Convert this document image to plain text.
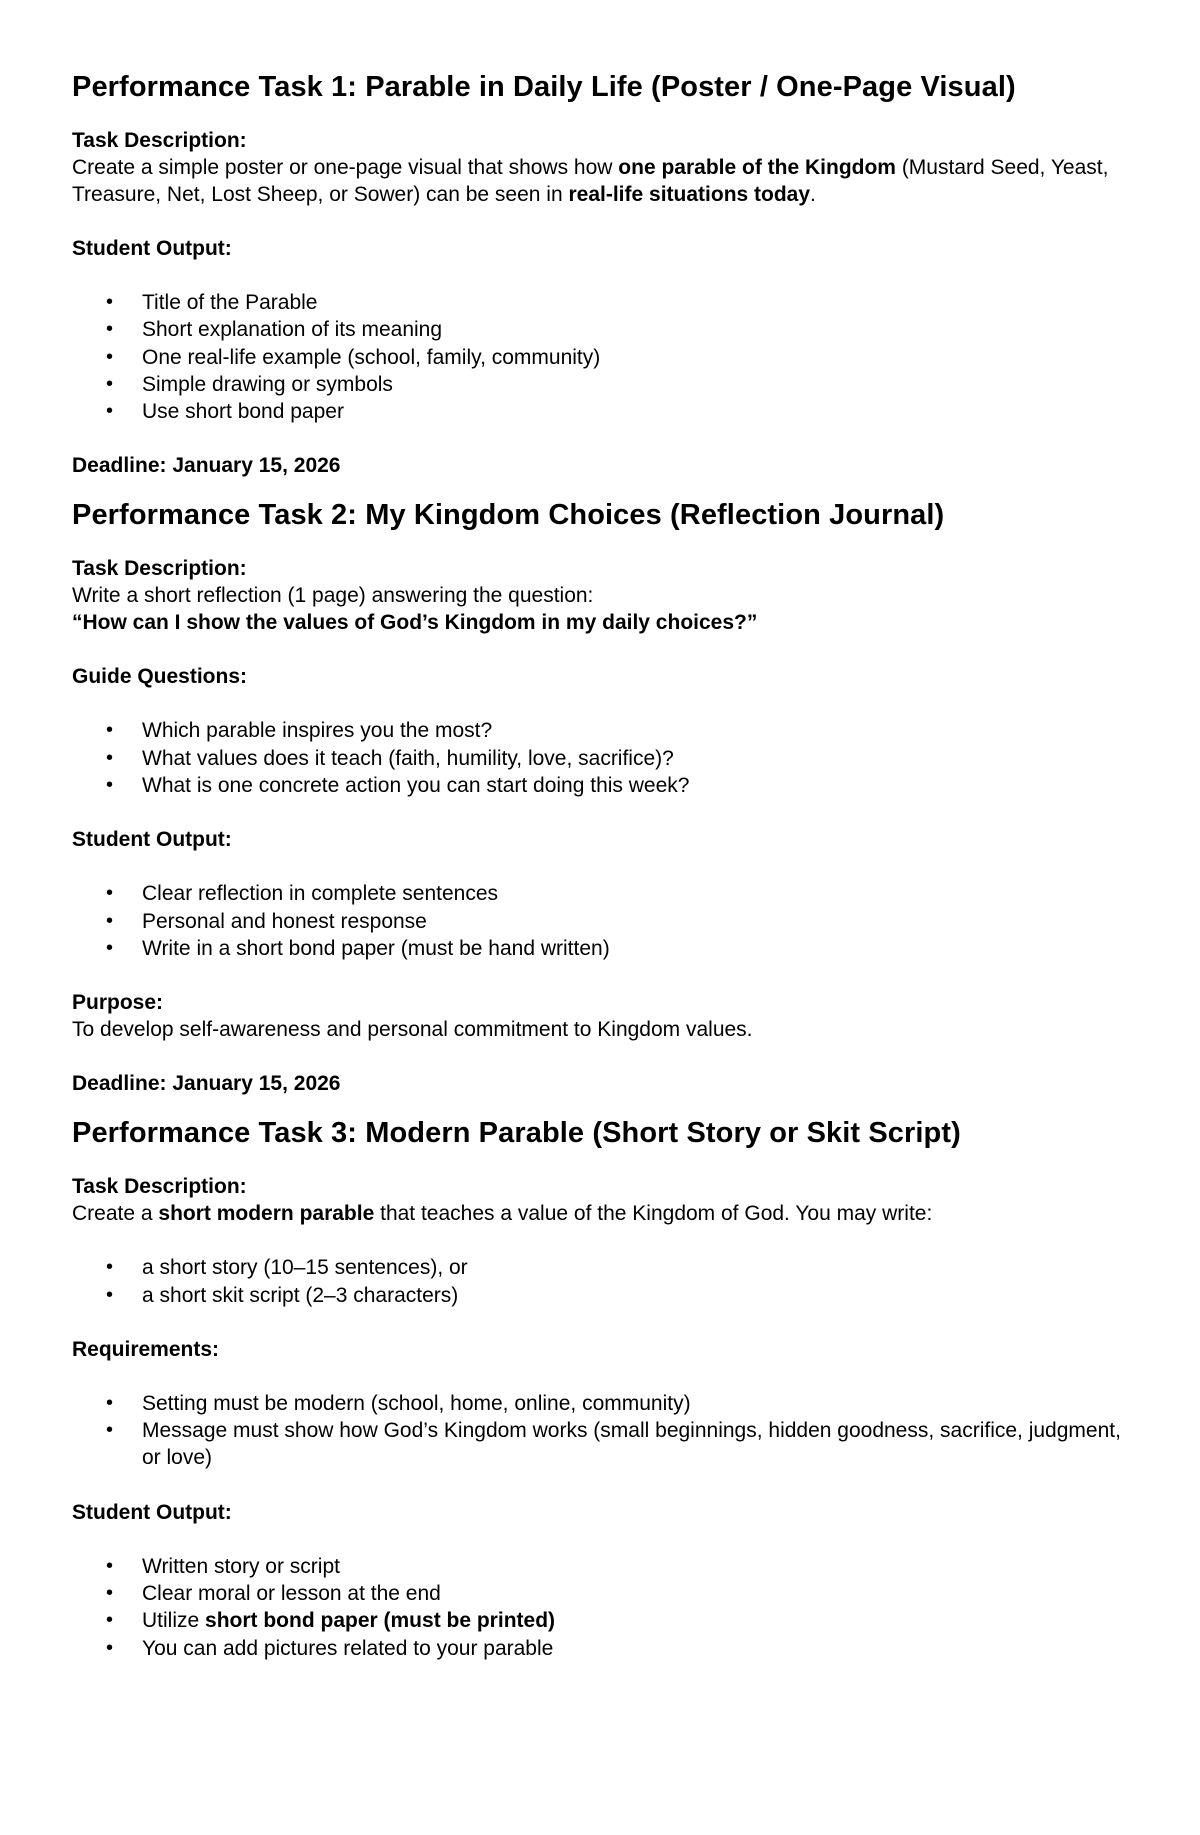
Performance Task 1: Parable in Daily Life (Poster / One-Page Visual)

Task Description:

Create a simple poster or one-page visual that shows how one parable of the Kingdom (Mustard Seed, Yeast, Treasure, Net, Lost Sheep, or Sower) can be seen in real-life situations today.

Student Output:

• Title of the Parable
• Short explanation of its meaning
• One real-life example (school, family, community)
• Simple drawing or symbols
• Use short bond paper

Deadline: January 15, 2026

Performance Task 2: My Kingdom Choices (Reflection Journal)

Task Description:

Write a short reflection (1 page) answering the question:

“How can I show the values of God’s Kingdom in my daily choices?”

Guide Questions:

• Which parable inspires you the most?
• What values does it teach (faith, humility, love, sacrifice)?
• What is one concrete action you can start doing this week?

Student Output:

• Clear reflection in complete sentences
• Personal and honest response
• Write in a short bond paper (must be hand written)

Purpose:

To develop self-awareness and personal commitment to Kingdom values.

Deadline: January 15, 2026

Performance Task 3: Modern Parable (Short Story or Skit Script)

Task Description:

Create a short modern parable that teaches a value of the Kingdom of God. You may write:

• a short story (10–15 sentences), or
• a short skit script (2–3 characters)

Requirements:

• Setting must be modern (school, home, online, community)
• Message must show how God’s Kingdom works (small beginnings, hidden goodness, sacrifice, judgment, or love)

Student Output:

• Written story or script
• Clear moral or lesson at the end
• Utilize short bond paper (must be printed)
• You can add pictures related to your parable
